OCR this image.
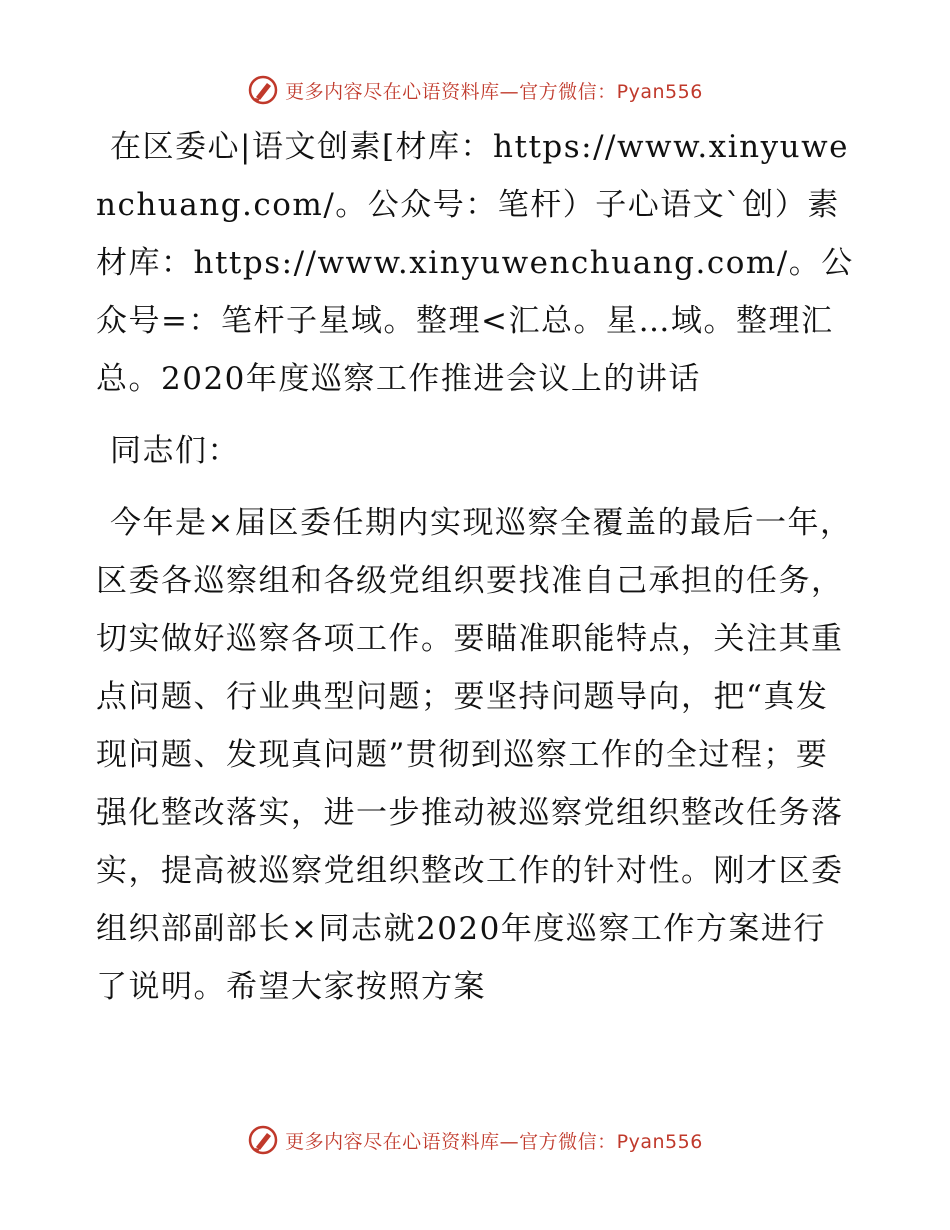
更多内容尽在心语资料库—官方微信：Pyan556

在区委心|语文创素[材库：https://www.xinyuwenchuang.com/。公众号：笔杆）子心语文`创）素材库：https://www.xinyuwenchuang.com/。公众号=：笔杆子星域。整理<汇总。星…域。整理汇总。2020年度巡察工作推进会议上的讲话

同志们：

今年是×届区委任期内实现巡察全覆盖的最后一年，区委各巡察组和各级党组织要找准自己承担的任务，切实做好巡察各项工作。要瞄准职能特点，关注其重点问题、行业典型问题；要坚持问题导向，把“真发现问题、发现真问题”贯彻到巡察工作的全过程；要强化整改落实，进一步推动被巡察党组织整改任务落实，提高被巡察党组织整改工作的针对性。刚才区委组织部副部长×同志就2020年度巡察工作方案进行了说明。希望大家按照方案

更多内容尽在心语资料库—官方微信：Pyan556
